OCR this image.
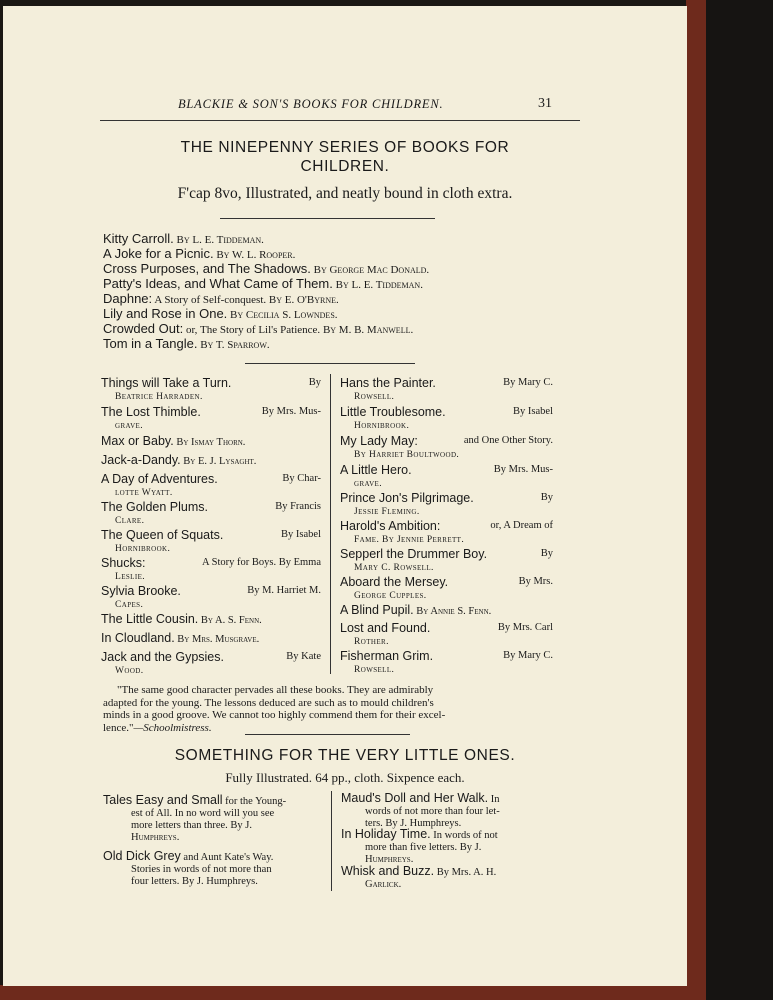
BLACKIE & SON'S BOOKS FOR CHILDREN.	31
THE NINEPENNY SERIES OF BOOKS FOR
CHILDREN.
F'cap 8vo, Illustrated, and neatly bound in cloth extra.
Kitty Carroll. By L. E. Tiddeman.
A Joke for a Picnic. By W. L. Rooper.
Cross Purposes, and The Shadows. By George Mac Donald.
Patty's Ideas, and What Came of Them. By L. E. Tiddeman.
Daphne: A Story of Self-conquest. By E. O'Byrne.
Lily and Rose in One. By Cecilia S. Lowndes.
Crowded Out: or, The Story of Lil's Patience. By M. B. Manwell.
Tom in a Tangle. By T. Sparrow.
Things will Take a Turn.	By
Beatrice Harraden.
The Lost Thimble.	By Mrs. Mus-
grave.
Max or Baby. By Ismay Thorn.
Jack-a-Dandy. By E. J. Lysaght.
A Day of Adventures.	By Char-
lotte Wyatt.
The Golden Plums.	By Francis
Clare.
The Queen of Squats.	By Isabel
Hornibrook.
Shucks:	A Story for Boys. By Emma
Leslie.
Sylvia Brooke.	By M. Harriet M.
Capes.
The Little Cousin. By A. S. Fenn.
In Cloudland. By Mrs. Musgrave.
Jack and the Gypsies.	By Kate
Wood.
Hans the Painter.	By Mary C.
Rowsell.
Little Troublesome.	By Isabel
Hornibrook.
My Lady May:	and One Other Story.
By Harriet Boultwood.
A Little Hero.	By Mrs. Mus-
grave.
Prince Jon's Pilgrimage.	By
Jessie Fleming.
Harold's Ambition:	or, A Dream of
Fame. By Jennie Perrett.
Sepperl the Drummer Boy.	By
Mary C. Rowsell.
Aboard the Mersey.	By Mrs.
George Cupples.
A Blind Pupil. By Annie S. Fenn.
Lost and Found.	By Mrs. Carl
Rother.
Fisherman Grim.	By Mary C.
Rowsell.
"The same good character pervades all these books. They are admirably
adapted for the young. The lessons deduced are such as to mould children's
minds in a good groove. We cannot too highly commend them for their excel-
lence."—Schoolmistress.
SOMETHING FOR THE VERY LITTLE ONES.
Fully Illustrated. 64 pp., cloth. Sixpence each.
Tales Easy and Small for the Young-
est of All. In no word will you see
more letters than three. By J.
Humphreys.
Old Dick Grey and Aunt Kate's Way.
Stories in words of not more than
four letters. By J. Humphreys.
Maud's Doll and Her Walk. In
words of not more than four let-
ters. By J. Humphreys.
In Holiday Time. In words of not
more than five letters. By J.
Humphreys.
Whisk and Buzz. By Mrs. A. H.
Garlick.
